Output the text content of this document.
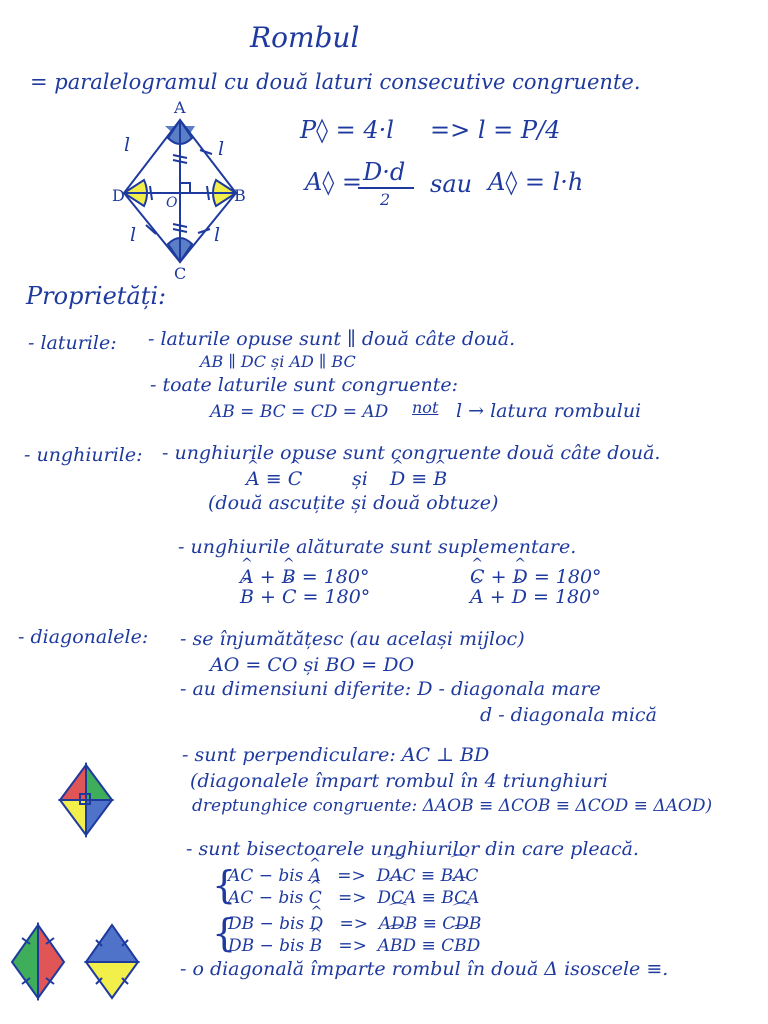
Rombul
= paralelogramul cu două laturi consecutive congruente.
A
B
C
D	O
l	l
l	l
P◊ = 4·l => l = P/4
A◊ = D·d
2
sau A◊ = l·h
Proprietăți:
- laturile: - laturile opuse sunt ∥ două câte două.
AB ∥ DC și AD ∥ BC
- toate laturile sunt congruente:
AB = BC = CD = AD not l → latura rombului
- unghiurile: - unghiurile opuse sunt congruente două câte două.
^ A ≡ ^ C	și ^ D ≡ ^ B
(două ascuțite și două obtuze)
- unghiurile alăturate sunt suplementare.
^ A + ^ B = 180°	^ C + ^ D = 180°
^ B + ^ C = 180°	^ A + ^ D = 180°
- diagonalele: - se înjumătățesc (au același mijloc)
AO = CO și BO = DO
- au dimensiuni diferite: D - diagonala mare
d - diagonala mică
- sunt perpendiculare: AC ⊥ BD
(diagonalele împart rombul în 4 triunghiuri
dreptunghice congruente: ΔAOB ≡ ΔCOB ≡ ΔCOD ≡ ΔAOD)
- sunt bisectoarele unghiurilor din care pleacă.
{
AC − bis ^ A   =>  ⌒ DAC ≡ ⌒ BAC
AC − bis ^ C   =>  ⌒ DCA ≡ ⌒ BCA
{
DB − bis ^ D   =>  ⌒ ADB ≡ ⌒ CDB
DB − bis ^ B   =>  ⌒ ABD ≡ ⌒ CBD
- o diagonală împarte rombul în două Δ isoscele ≡.
